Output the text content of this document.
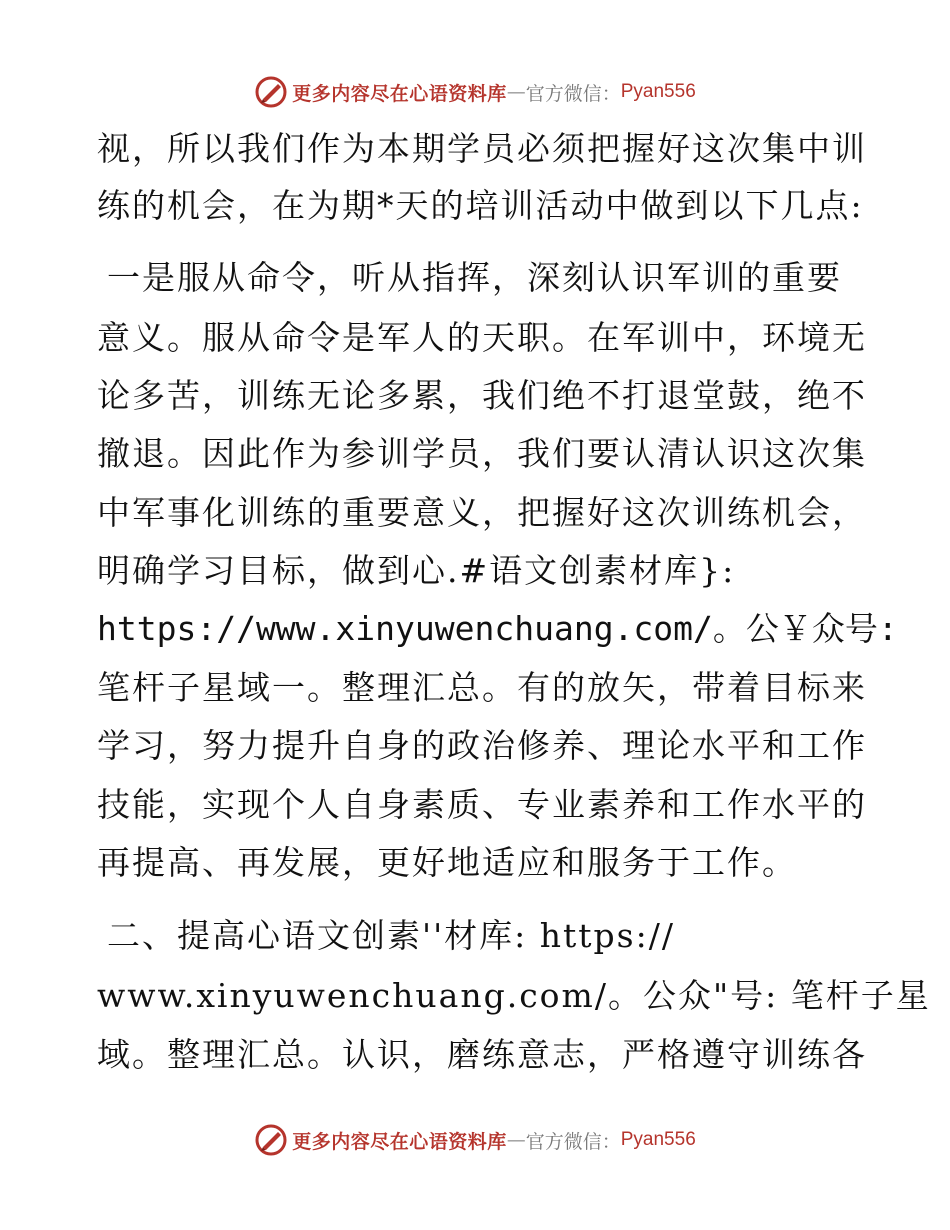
更多内容尽在心语资料库 — 官方微信： Pyan556
视，所以我们作为本期学员必须把握好这次集中训
练的机会，在为期*天的培训活动中做到以下几点:
一是服从命令，听从指挥，深刻认识军训的重要
意义。服从命令是军人的天职。在军训中，环境无
论多苦，训练无论多累，我们绝不打退堂鼓，绝不
撤退。因此作为参训学员，我们要认清认识这次集
中军事化训练的重要意义，把握好这次训练机会，
明确学习目标，做到心.#语文创素材库}:
https://www.xinyuwenchuang.com/。公￥众号:
笔杆子星域一。整理汇总。有的放矢，带着目标来
学习，努力提升自身的政治修养、理论水平和工作
技能，实现个人自身素质、专业素养和工作水平的
再提高、再发展，更好地适应和服务于工作。
二、提高心语文创素''材库: https://
www.xinyuwenchuang.com/。公众"号: 笔杆子星
域。整理汇总。认识，磨练意志，严格遵守训练各
更多内容尽在心语资料库 — 官方微信： Pyan556
